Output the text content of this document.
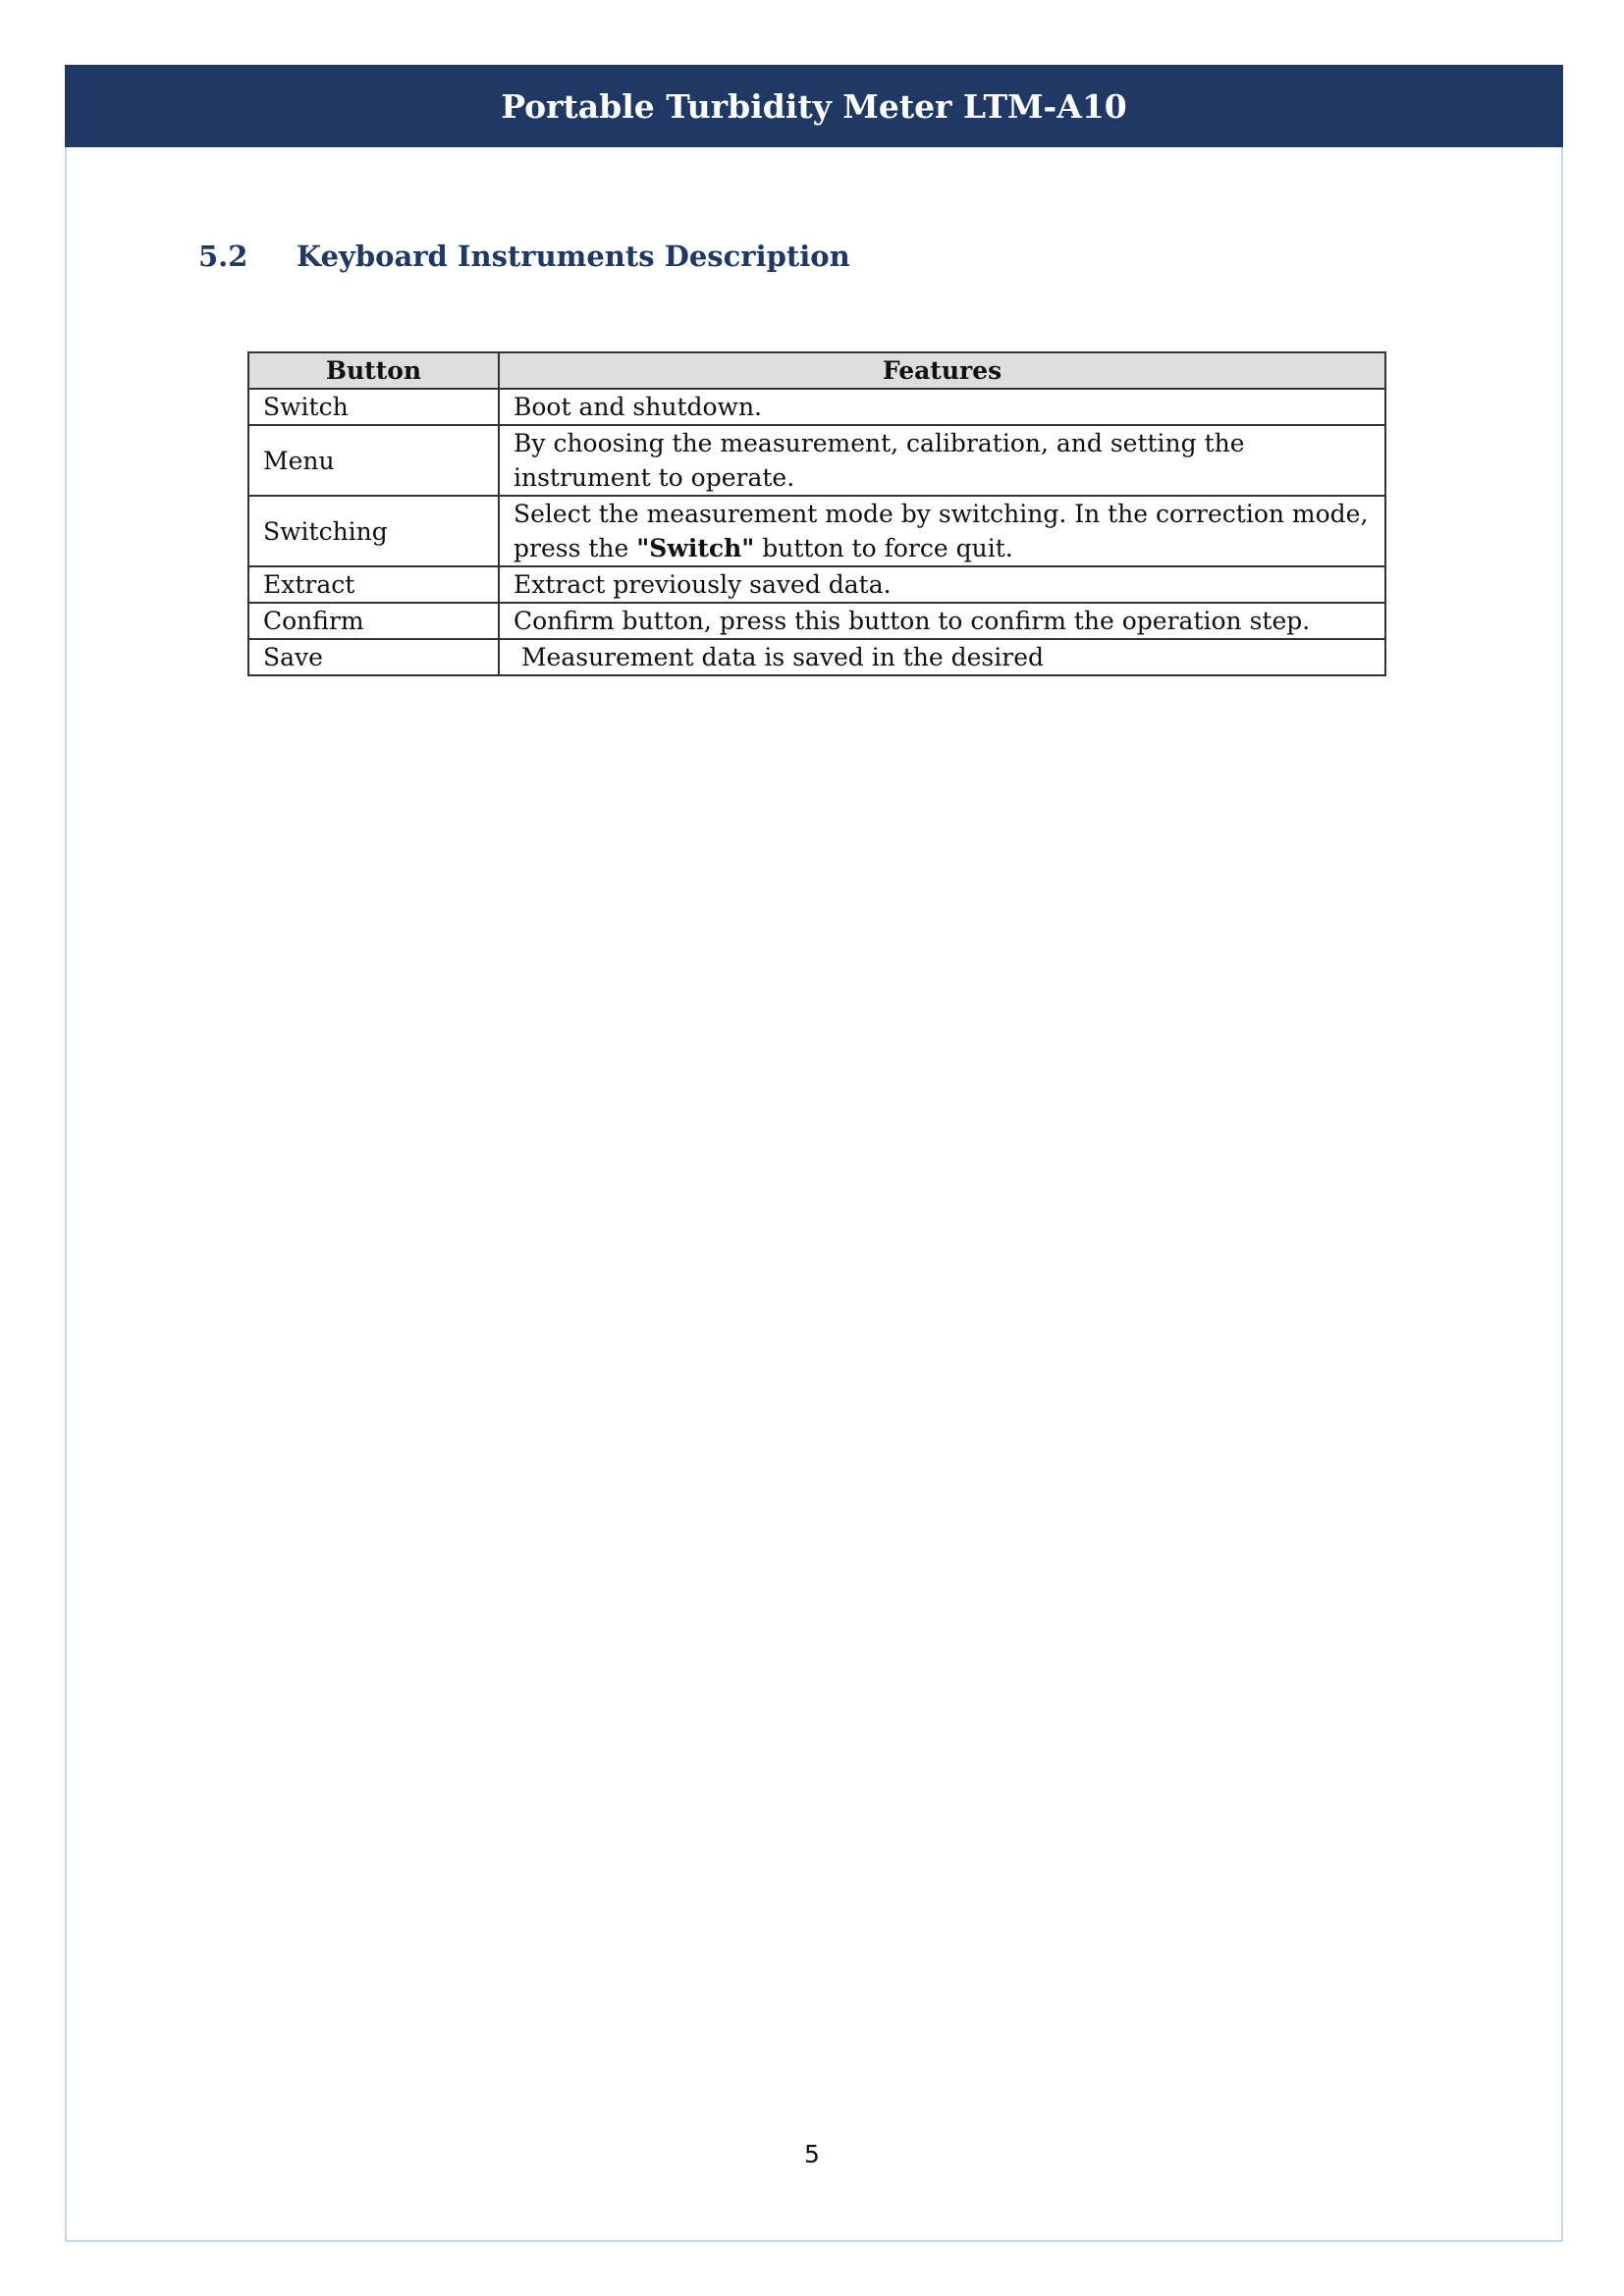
Portable Turbidity Meter LTM-A10
5.2	Keyboard Instruments Description
Button	Features
Switch	Boot and shutdown.
Menu	By choosing the measurement, calibration, and setting the instrument to operate.
Switching	Select the measurement mode by switching. In the correction mode, press the "Switch" button to force quit.
Extract	Extract previously saved data.
Confirm	Confirm button, press this button to confirm the operation step.
Save	Measurement data is saved in the desired
5
